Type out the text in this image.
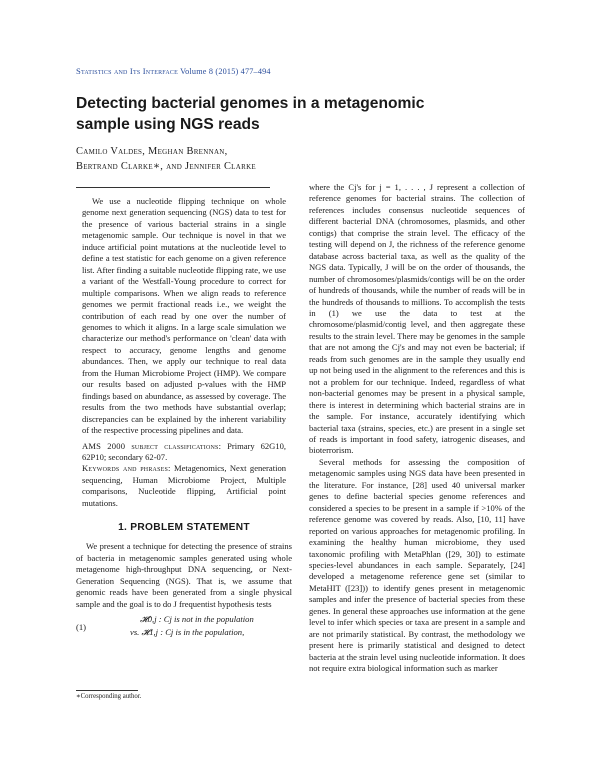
Statistics and Its Interface Volume 8 (2015) 477–494
Detecting bacterial genomes in a metagenomic sample using NGS reads
Camilo Valdes, Meghan Brennan,
Bertrand Clarke∗, and Jennifer Clarke

We use a nucleotide flipping technique on whole genome next generation sequencing (NGS) data to test for the presence of various bacterial strains in a single metagenomic sample. Our technique is novel in that we induce artificial point mutations at the nucleotide level to define a test statistic for each genome on a given reference list. After finding a suitable nucleotide flipping rate, we use a variant of the Westfall-Young procedure to correct for multiple comparisons. When we align reads to reference genomes we permit fractional reads i.e., we weight the contribution of each read by one over the number of genomes to which it aligns. In a large scale simulation we characterize our method's performance on 'clean' data with respect to accuracy, genome lengths and genome abundances. Then, we apply our technique to real data from the Human Microbiome Project (HMP). We compare our results based on adjusted p-values with the HMP findings based on abundance, as assessed by coverage. The results from the two methods have substantial overlap; discrepancies can be explained by the inherent variability of the respective processing pipelines and data.

AMS 2000 subject classifications: Primary 62G10, 62P10; secondary 62-07.

Keywords and phrases: Metagenomics, Next generation sequencing, Human Microbiome Project, Multiple comparisons, Nucleotide flipping, Artificial point mutations.

1. PROBLEM STATEMENT

We present a technique for detecting the presence of strains of bacteria in metagenomic samples generated using whole metagenome high-throughput DNA sequencing, or Next-Generation Sequencing (NGS). That is, we assume that genomic reads have been generated from a single physical sample and the goal is to do J frequentist hypothesis tests

(1)
𝓗0,j : Cj is not in the population
vs. 𝓗1,j : Cj is in the population,

where the Cj's for j = 1, . . . , J represent a collection of reference genomes for bacterial strains. The collection of references includes consensus nucleotide sequences of different bacterial DNA (chromosomes, plasmids, and other contigs) that comprise the strain level. The efficacy of the testing will depend on J, the richness of the reference genome database across bacterial taxa, as well as the quality of the NGS data. Typically, J will be on the order of thousands, the number of chromosomes/plasmids/contigs will be on the order of hundreds of thousands, while the number of reads will be in the hundreds of thousands to millions. To accomplish the tests in (1) we use the data to test at the chromosome/plasmid/contig level, and then aggregate these results to the strain level. There may be genomes in the sample that are not among the Cj's and may not even be bacterial; if reads from such genomes are in the sample they usually end up not being used in the alignment to the references and this is not a problem for our technique. Indeed, regardless of what non-bacterial genomes may be present in a physical sample, there is interest in determining which bacterial strains are in the sample. For instance, accurately identifying which bacterial taxa (strains, species, etc.) are present in a single set of reads is important in food safety, iatrogenic diseases, and bioterrorism.

Several methods for assessing the composition of metagenomic samples using NGS data have been presented in the literature. For instance, [28] used 40 universal marker genes to define bacterial species genome references and considered a species to be present in a sample if >10% of the reference genome was covered by reads. Also, [10, 11] have reported on various approaches for metagenomic profiling. In examining the healthy human microbiome, they used taxonomic profiling with MetaPhlan ([29, 30]) to estimate species-level abundances in each sample. Separately, [24] developed a metagenome reference gene set (similar to MetaHIT ([23])) to identify genes present in metagenomic samples and infer the presence of bacterial species from these genes. In general these approaches use information at the gene level to infer which species or taxa are present in a sample and are not primarily statistical. By contrast, the methodology we present here is primarily statistical and designed to detect bacteria at the strain level using nucleotide information. It does not require extra biological information such as marker

∗Corresponding author.
